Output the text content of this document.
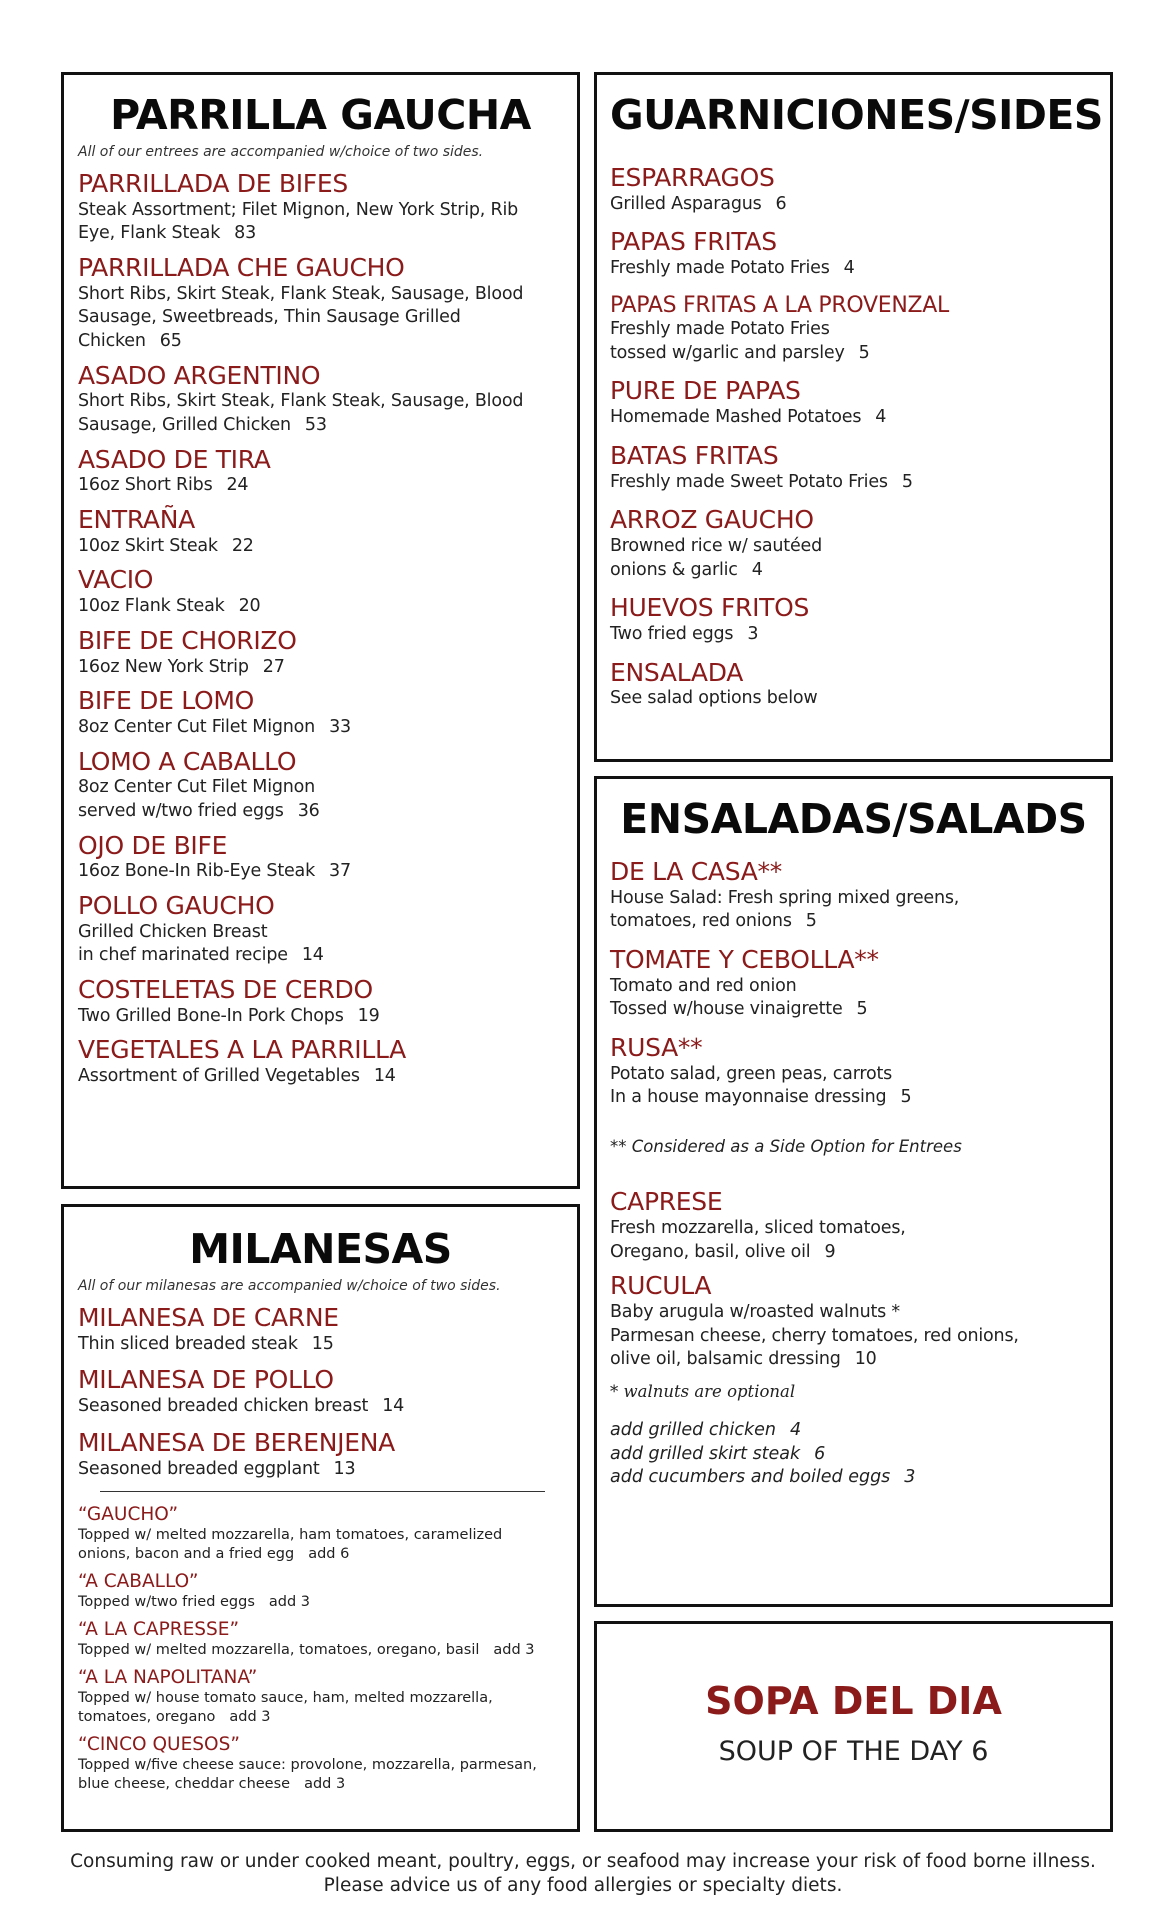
PARRILLA GAUCHA
All of our entrees are accompanied w/choice of two sides.
PARRILLADA DE BIFES
Steak Assortment; Filet Mignon, New York Strip, Rib
Eye, Flank Steak 83
PARRILLADA CHE GAUCHO
Short Ribs, Skirt Steak, Flank Steak, Sausage, Blood
Sausage, Sweetbreads, Thin Sausage Grilled
Chicken 65
ASADO ARGENTINO
Short Ribs, Skirt Steak, Flank Steak, Sausage, Blood
Sausage, Grilled Chicken 53
ASADO DE TIRA
16oz Short Ribs 24
ENTRAÑA
10oz Skirt Steak 22
VACIO
10oz Flank Steak 20
BIFE DE CHORIZO
16oz New York Strip 27
BIFE DE LOMO
8oz Center Cut Filet Mignon 33
LOMO A CABALLO
8oz Center Cut Filet Mignon
served w/two fried eggs 36
OJO DE BIFE
16oz Bone-In Rib-Eye Steak 37
POLLO GAUCHO
Grilled Chicken Breast
in chef marinated recipe 14
COSTELETAS DE CERDO
Two Grilled Bone-In Pork Chops 19
VEGETALES A LA PARRILLA
Assortment of Grilled Vegetables 14
GUARNICIONES/SIDES
ESPARRAGOS
Grilled Asparagus 6
PAPAS FRITAS
Freshly made Potato Fries 4
PAPAS FRITAS A LA PROVENZAL
Freshly made Potato Fries
tossed w/garlic and parsley 5
PURE DE PAPAS
Homemade Mashed Potatoes 4
BATAS FRITAS
Freshly made Sweet Potato Fries 5
ARROZ GAUCHO
Browned rice w/ sautéed
onions & garlic 4
HUEVOS FRITOS
Two fried eggs 3
ENSALADA
See salad options below
ENSALADAS/SALADS
DE LA CASA**
House Salad: Fresh spring mixed greens,
tomatoes, red onions 5
TOMATE Y CEBOLLA**
Tomato and red onion
Tossed w/house vinaigrette 5
RUSA**
Potato salad, green peas, carrots
In a house mayonnaise dressing 5
** Considered as a Side Option for Entrees
CAPRESE
Fresh mozzarella, sliced tomatoes,
Oregano, basil, olive oil 9
RUCULA
Baby arugula w/roasted walnuts *
Parmesan cheese, cherry tomatoes, red onions,
olive oil, balsamic dressing 10
* walnuts are optional
add grilled chicken 4
add grilled skirt steak 6
add cucumbers and boiled eggs 3
MILANESAS
All of our milanesas are accompanied w/choice of two sides.
MILANESA DE CARNE
Thin sliced breaded steak 15
MILANESA DE POLLO
Seasoned breaded chicken breast 14
MILANESA DE BERENJENA
Seasoned breaded eggplant 13
“GAUCHO”
Topped w/ melted mozzarella, ham tomatoes, caramelized
onions, bacon and a fried egg add 6
“A CABALLO”
Topped w/two fried eggs add 3
“A LA CAPRESSE”
Topped w/ melted mozzarella, tomatoes, oregano, basil add 3
“A LA NAPOLITANA”
Topped w/ house tomato sauce, ham, melted mozzarella,
tomatoes, oregano add 3
“CINCO QUESOS”
Topped w/five cheese sauce: provolone, mozzarella, parmesan,
blue cheese, cheddar cheese add 3
SOPA DEL DIA
SOUP OF THE DAY 6
Consuming raw or under cooked meant, poultry, eggs, or seafood may increase your risk of food borne illness.
Please advice us of any food allergies or specialty diets.
